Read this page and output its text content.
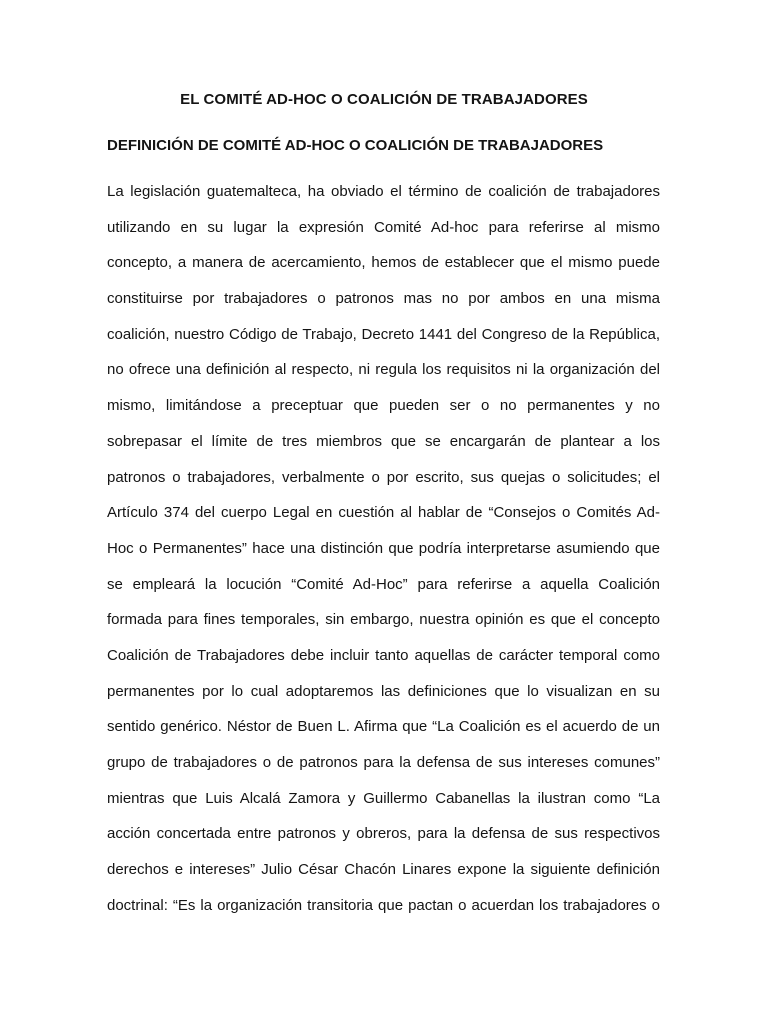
EL COMITÉ AD-HOC O COALICIÓN DE TRABAJADORES
DEFINICIÓN DE COMITÉ AD-HOC O COALICIÓN DE TRABAJADORES
La legislación guatemalteca, ha obviado el término de coalición de trabajadores
utilizando en su lugar la expresión Comité Ad-hoc para referirse al mismo
concepto, a manera de acercamiento, hemos de establecer que el mismo puede
constituirse por trabajadores o patronos mas no por ambos en una misma
coalición, nuestro Código de Trabajo, Decreto 1441 del Congreso de la República,
no ofrece una definición al respecto, ni regula los requisitos ni la organización del
mismo, limitándose a preceptuar que pueden ser o no permanentes y no
sobrepasar el límite de tres miembros que se encargarán de plantear a los
patronos o trabajadores, verbalmente o por escrito, sus quejas o solicitudes; el
Artículo 374 del cuerpo Legal en cuestión al hablar de “Consejos o Comités Ad-
Hoc o Permanentes” hace una distinción que podría interpretarse asumiendo que
se empleará la locución “Comité Ad-Hoc” para referirse a aquella Coalición
formada para fines temporales, sin embargo, nuestra opinión es que el concepto
Coalición de Trabajadores debe incluir tanto aquellas de carácter temporal como
permanentes por lo cual adoptaremos las definiciones que lo visualizan en su
sentido genérico. Néstor de Buen L. Afirma que “La Coalición es el acuerdo de un
grupo de trabajadores o de patronos para la defensa de sus intereses comunes”
mientras que Luis Alcalá Zamora y Guillermo Cabanellas la ilustran como “La
acción concertada entre patronos y obreros, para la defensa de sus respectivos
derechos e intereses” Julio César Chacón Linares expone la siguiente definición
doctrinal: “Es la organización transitoria que pactan o acuerdan los trabajadores o
